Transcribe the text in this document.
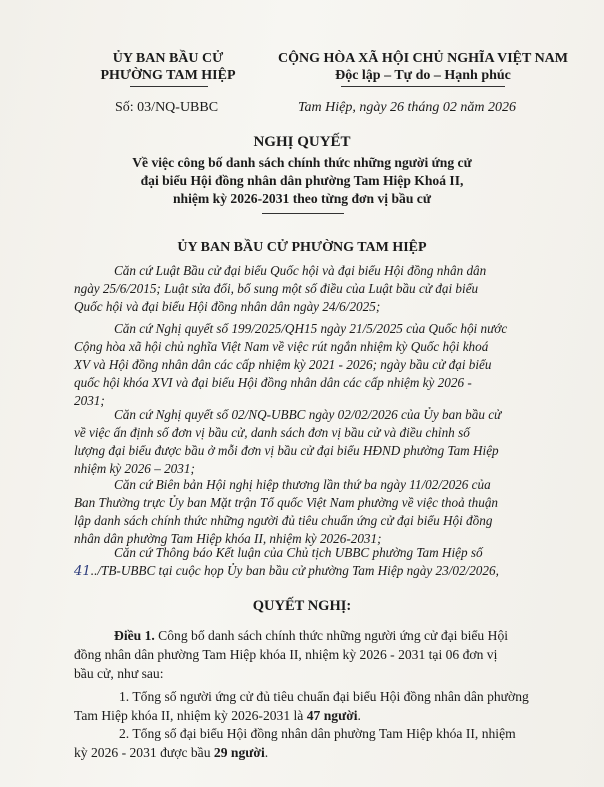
ỦY BAN BẦU CỬ
PHƯỜNG TAM HIỆP
CỘNG HÒA XÃ HỘI CHỦ NGHĨA VIỆT NAM
Độc lập – Tự do – Hạnh phúc
Số: 03/NQ-UBBC	Tam Hiệp, ngày 26 tháng 02 năm 2026
NGHỊ QUYẾT
Về việc công bố danh sách chính thức những người ứng cử
đại biểu Hội đồng nhân dân phường Tam Hiệp Khoá II,
nhiệm kỳ 2026-2031 theo từng đơn vị bầu cử
ỦY BAN BẦU CỬ PHƯỜNG TAM HIỆP
Căn cứ Luật Bầu cử đại biểu Quốc hội và đại biểu Hội đồng nhân dân
ngày 25/6/2015; Luật sửa đổi, bổ sung một số điều của Luật bầu cử đại biểu
Quốc hội và đại biểu Hội đồng nhân dân ngày 24/6/2025;
Căn cứ Nghị quyết số 199/2025/QH15 ngày 21/5/2025 của Quốc hội nước
Cộng hòa xã hội chủ nghĩa Việt Nam về việc rút ngắn nhiệm kỳ Quốc hội khoá
XV và Hội đồng nhân dân các cấp nhiệm kỳ 2021 - 2026; ngày bầu cử đại biểu
quốc hội khóa XVI và đại biểu Hội đồng nhân dân các cấp nhiệm kỳ 2026 -
2031;
Căn cứ Nghị quyết số 02/NQ-UBBC ngày 02/02/2026 của Ủy ban bầu cử
về việc ấn định số đơn vị bầu cử, danh sách đơn vị bầu cử và điều chỉnh số
lượng đại biểu được bầu ở mỗi đơn vị bầu cử đại biểu HĐND phường Tam Hiệp
nhiệm kỳ 2026 – 2031;
Căn cứ Biên bản Hội nghị hiệp thương lần thứ ba ngày 11/02/2026 của
Ban Thường trực Ủy ban Mặt trận Tổ quốc Việt Nam phường về việc thoả thuận
lập danh sách chính thức những người đủ tiêu chuẩn ứng cử đại biểu Hội đồng
nhân dân phường Tam Hiệp khóa II, nhiệm kỳ 2026-2031;
Căn cứ Thông báo Kết luận của Chủ tịch UBBC phường Tam Hiệp số
41../TB-UBBC tại cuộc họp Ủy ban bầu cử phường Tam Hiệp ngày 23/02/2026,
QUYẾT NGHỊ:
Điều 1. Công bố danh sách chính thức những người ứng cử đại biểu Hội
đồng nhân dân phường Tam Hiệp khóa II, nhiệm kỳ 2026 - 2031 tại 06 đơn vị
bầu cử, như sau:
1. Tổng số người ứng cử đủ tiêu chuẩn đại biểu Hội đồng nhân dân phường
Tam Hiệp khóa II, nhiệm kỳ 2026-2031 là 47 người.
2. Tổng số đại biểu Hội đồng nhân dân phường Tam Hiệp khóa II, nhiệm
kỳ 2026 - 2031 được bầu 29 người.
